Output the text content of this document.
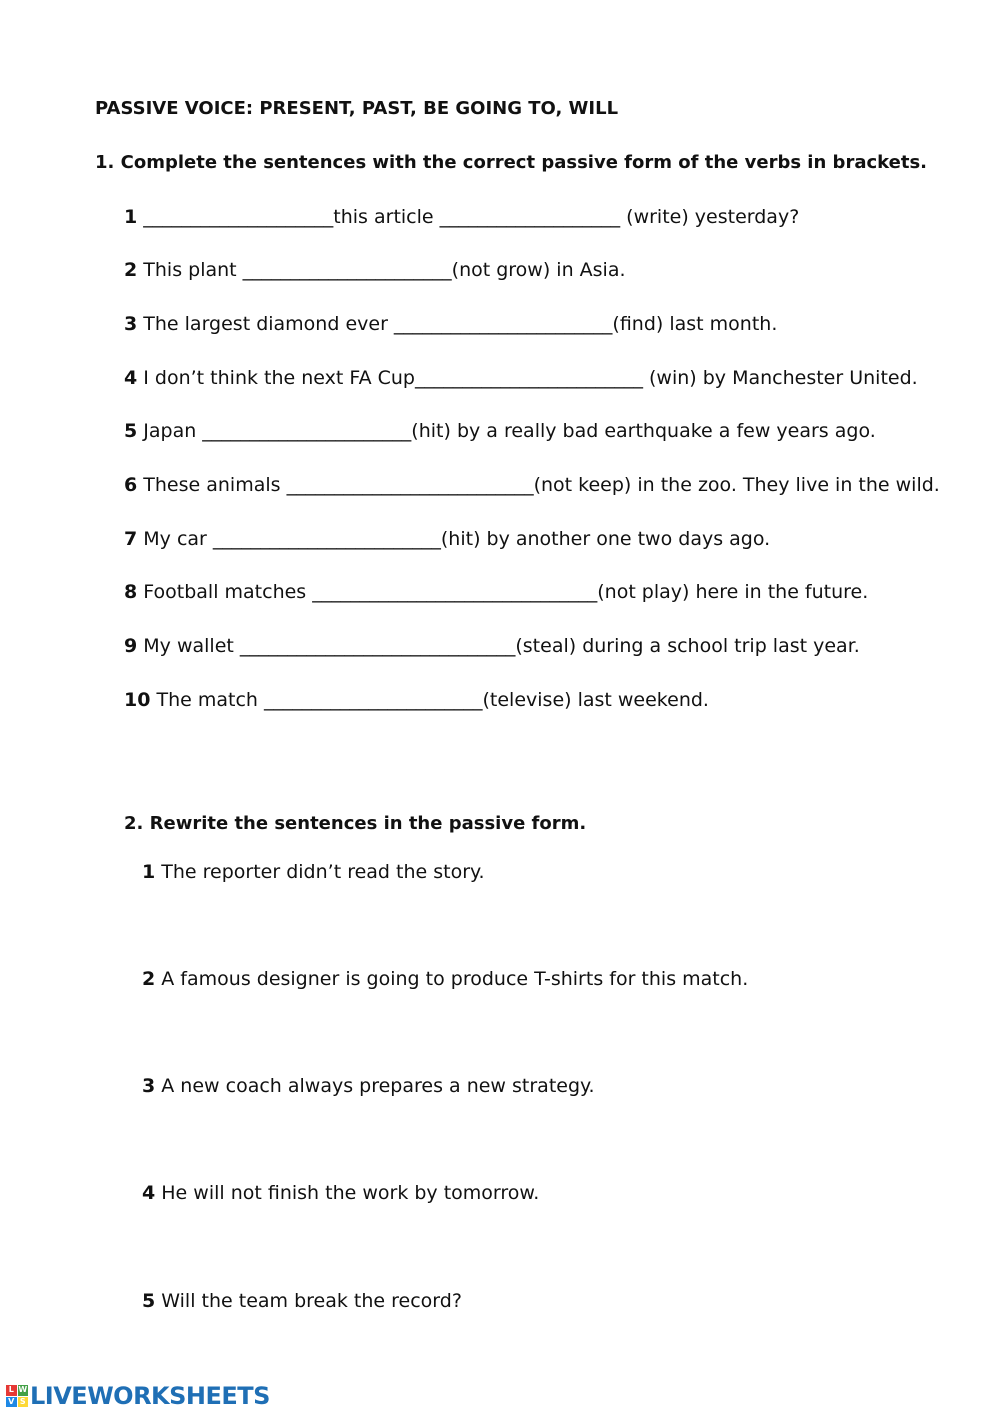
PASSIVE VOICE: PRESENT, PAST, BE GOING TO, WILL
1. Complete the sentences with the correct passive form of the verbs in brackets.
1 ____________________this article ___________________ (write) yesterday?
2 This plant ______________________(not grow) in Asia.
3 The largest diamond ever _______________________(find) last month.
4 I don’t think the next FA Cup________________________ (win) by Manchester United.
5 Japan ______________________(hit) by a really bad earthquake a few years ago.
6 These animals __________________________(not keep) in the zoo. They live in the wild.
7 My car ________________________(hit) by another one two days ago.
8 Football matches ______________________________(not play) here in the future.
9 My wallet _____________________________(steal) during a school trip last year.
10 The match _______________________(televise) last weekend.
2. Rewrite the sentences in the passive form.
1 The reporter didn’t read the story.
2 A famous designer is going to produce T-shirts for this match.
3 A new coach always prepares a new strategy.
4 He will not finish the work by tomorrow.
5 Will the team break the record?
L W
V S LIVEWORKSHEETS
